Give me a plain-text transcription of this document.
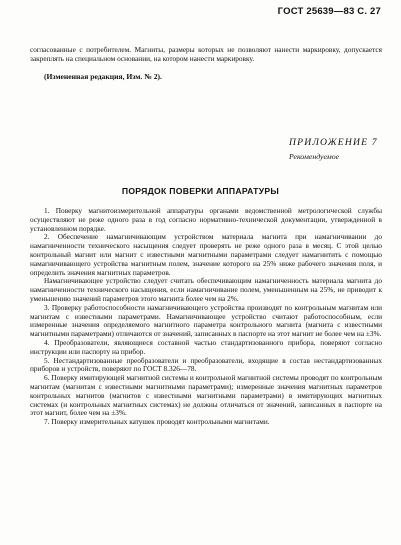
ГОСТ 25639—83 С. 27

согласованные с потребителем. Магниты, размеры которых не позволяют нанести маркировку, допускается закреплять на специальном основании, на котором нанести маркировку.

(Измененная редакция, Изм. № 2).

ПРИЛОЖЕНИЕ 7
Рекомендуемое
ПОРЯДОК ПОВЕРКИ АППАРАТУРЫ

1. Поверку магнитоизмерительной аппаратуры органами ведомственной метрологической службы осуществляют не реже одного раза в год согласно нормативно-технической документации, утвержденной в установленном порядке.

2. Обеспечение намагничивающим устройством материала магнита при намагничивании до намагниченности технического насыщения следует проверять не реже одного раза в месяц. С этой целью контрольный магнит или магнит с известными магнитными параметрами следует намагнитить с помощью намагничивающего устройства магнитным полем, значение которого на 25% ниже рабочего значения поля, и определить значения магнитных параметров.

Намагничивающее устройство следует считать обеспечивающим намагниченность материала магнита до намагниченности технического насыщения, если намагничивание полем, уменьшенным на 25%, не приводит к уменьшению значений параметров этого магнита более чем на 2%.

3. Проверку работоспособности намагничивающего устройства производят по контрольным магнитам или магнитам с известными параметрами. Намагничивающее устройство считают работоспособным, если измеренные значения определяемого магнитного параметра контрольного магнита (магнита с известными магнитными параметрами) отличаются от значений, записанных в паспорте на этот магнит не более чем на ±3%.

4. Преобразователи, являющиеся составной частью стандартизованного прибора, поверяют согласно инструкции или паспорту на прибор.

5. Нестандартизованные преобразователи и преобразователи, входящие в состав нестандартизованных приборов и устройств, поверяют по ГОСТ 8.326—78.

6. Поверку имитирующей магнитной системы и контрольной магнитной системы проводят по контрольным магнитам (магнитам с известными магнитными параметрами); измеренные значения магнитных параметров контрольных магнитов (магнитов с известными магнитными параметрами) в имитирующих магнитных системах (и контрольных магнитных системах) не должны отличаться от значений, записанных в паспорте на этот магнит, более чем на ±3%.

7. Поверку измерительных катушек проводят контрольными магнитами.
